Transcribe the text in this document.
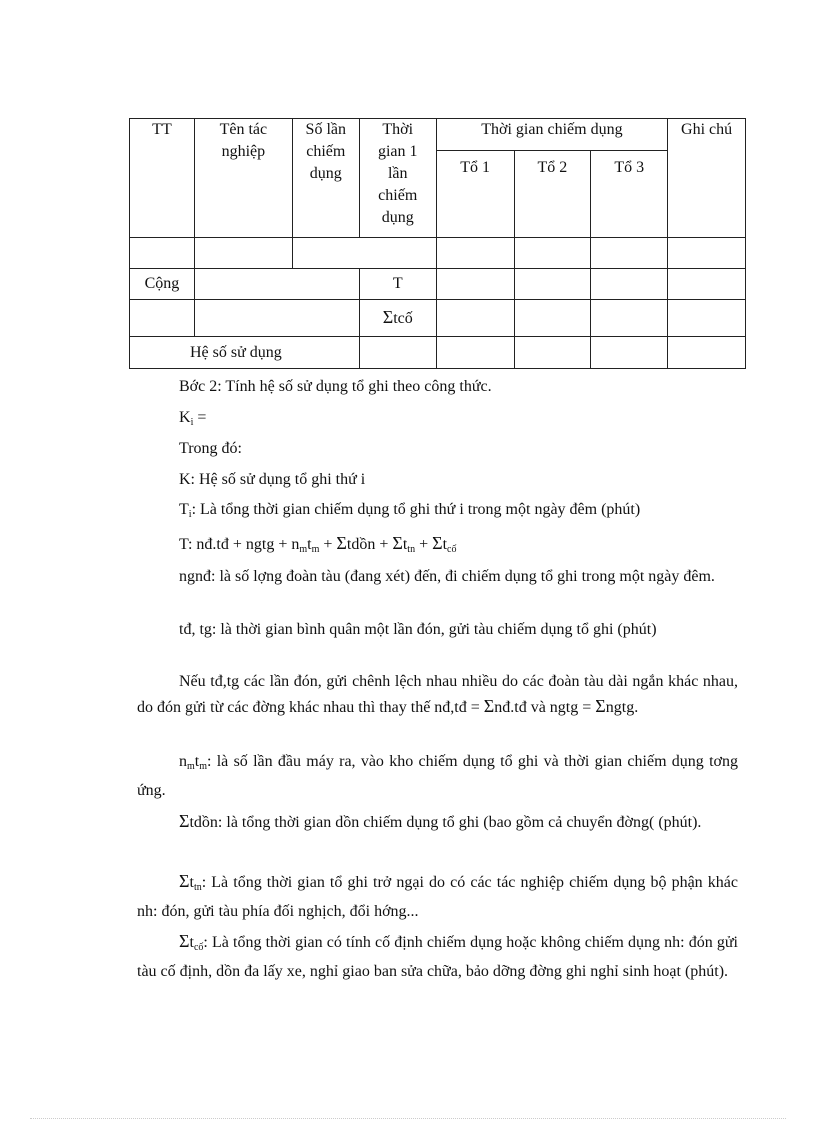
TT	Tên tác nghiệp	Số lần chiếm dụng	Thời gian 1 lần chiếm dụng	Thời gian chiếm dụng			Ghi chú
				Tổ 1	Tổ 2	Tổ 3	

Cộng			T				
			Σtcố				
Hệ số sử dụng							
Bớc 2: Tính hệ số sử dụng tổ ghi theo công thức.
$K_i$ =
Trong đó:
K: Hệ số sử dụng tổ ghi thứ i
$T_i$: Là tổng thời gian chiếm dụng tổ ghi thứ i trong một ngày đêm (phút)
T: nđ.tđ + ngtg + $n_mt_m$ + Σtdồn + $\Sigma t_{tn} + \Sigma t_{cố}$
ngnđ: là số lợng đoàn tàu (đang xét) đến, đi chiếm dụng tổ ghi trong một ngày đêm.
tđ, tg: là thời gian bình quân một lần đón, gửi tàu chiếm dụng tổ ghi (phút)
Nếu tđ,tg các lần đón, gửi chênh lệch nhau nhiều do các đoàn tàu dài ngắn khác nhau, do đón gửi từ các đờng khác nhau thì thay thế nđ,tđ = Σnđ.tđ và ngtg = Σngtg.
$n_mt_m$: là số lần đầu máy ra, vào kho chiếm dụng tổ ghi và thời gian chiếm dụng tơng ứng.
Σtdồn: là tổng thời gian dồn chiếm dụng tổ ghi (bao gồm cả chuyển đờng( (phút).
$\Sigma t_{tn}$: Là tổng thời gian tổ ghi trở ngại do có các tác nghiệp chiếm dụng bộ phận khác nh: đón, gửi tàu phía đối nghịch, đổi hớng...
$\Sigma t_{cố}$: Là tổng thời gian có tính cố định chiếm dụng hoặc không chiếm dụng nh: đón gửi tàu cố định, dồn đa lấy xe, nghỉ giao ban sửa chữa, bảo dỡng đờng ghi nghỉ sinh hoạt (phút).
